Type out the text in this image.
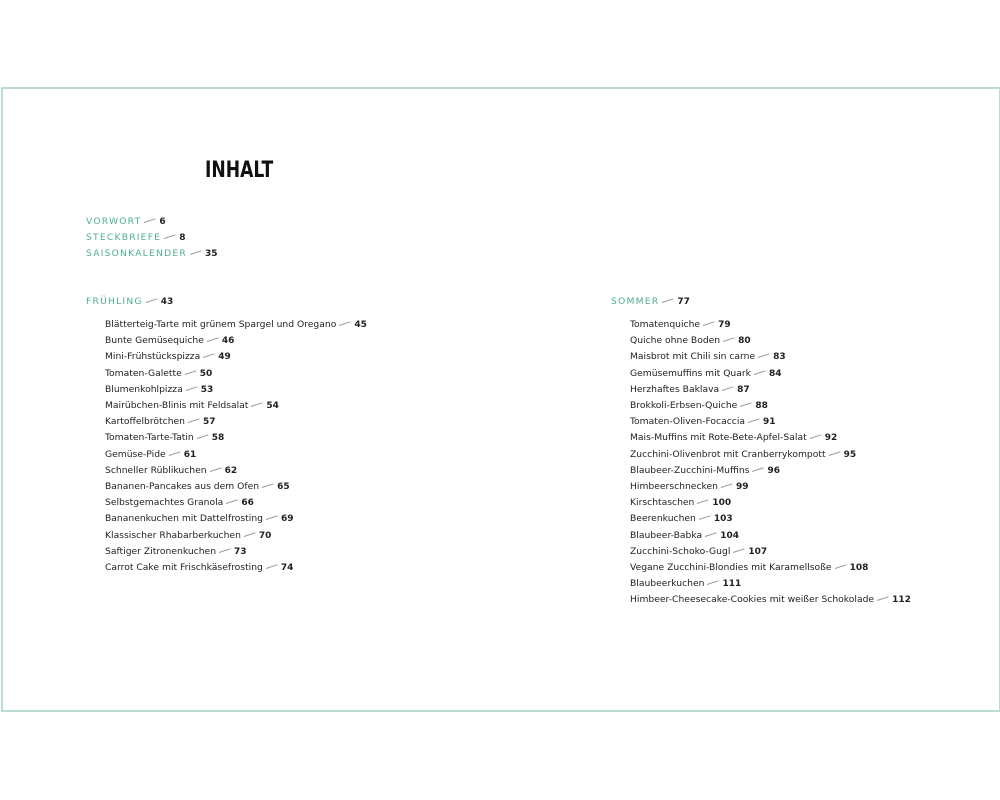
INHALT
VORWORT 6
STECKBRIEFE 8
SAISONKALENDER 35
FRÜHLING 43
Blätterteig-Tarte mit grünem Spargel und Oregano 45
Bunte Gemüsequiche 46
Mini-Frühstückspizza 49
Tomaten-Galette 50
Blumenkohlpizza 53
Mairübchen-Blinis mit Feldsalat 54
Kartoffelbrötchen 57
Tomaten-Tarte-Tatin 58
Gemüse-Pide 61
Schneller Rüblikuchen 62
Bananen-Pancakes aus dem Ofen 65
Selbstgemachtes Granola 66
Bananenkuchen mit Dattelfrosting 69
Klassischer Rhabarberkuchen 70
Saftiger Zitronenkuchen 73
Carrot Cake mit Frischkäsefrosting 74
SOMMER 77
Tomatenquiche 79
Quiche ohne Boden 80
Maisbrot mit Chili sin carne 83
Gemüsemuffins mit Quark 84
Herzhaftes Baklava 87
Brokkoli-Erbsen-Quiche 88
Tomaten-Oliven-Focaccia 91
Mais-Muffins mit Rote-Bete-Apfel-Salat 92
Zucchini-Olivenbrot mit Cranberrykompott 95
Blaubeer-Zucchini-Muffins 96
Himbeerschnecken 99
Kirschtaschen 100
Beerenkuchen 103
Blaubeer-Babka 104
Zucchini-Schoko-Gugl 107
Vegane Zucchini-Blondies mit Karamellsoße 108
Blaubeerkuchen 111
Himbeer-Cheesecake-Cookies mit weißer Schokolade 112
